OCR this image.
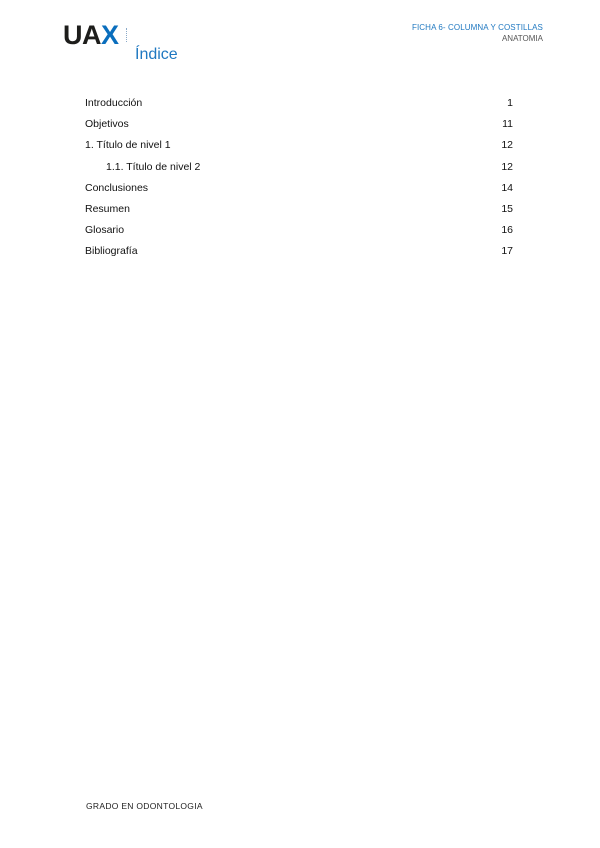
UAX
Índice
FICHA 6- COLUMNA Y COSTILLAS
ANATOMIA
Introducción	1
Objetivos	11
1. Título de nivel 1	12
1.1. Título de nivel 2	12
Conclusiones	14
Resumen	15
Glosario	16
Bibliografía	17
GRADO EN ODONTOLOGIA
